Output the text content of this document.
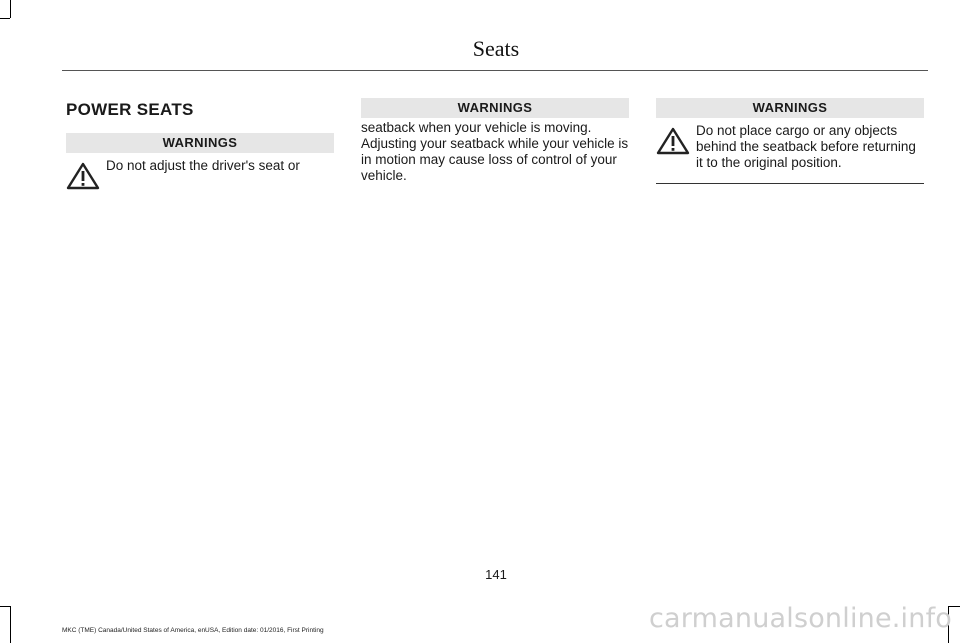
Seats
POWER SEATS
WARNINGS
Do not adjust the driver's seat or
WARNINGS
seatback when your vehicle is moving. Adjusting your seatback while your vehicle is in motion may cause loss of control of your vehicle.
WARNINGS
Do not place cargo or any objects behind the seatback before returning it to the original position.
141
MKC (TME) Canada/United States of America, enUSA, Edition date: 01/2016, First Printing	carmanualsonline.info
